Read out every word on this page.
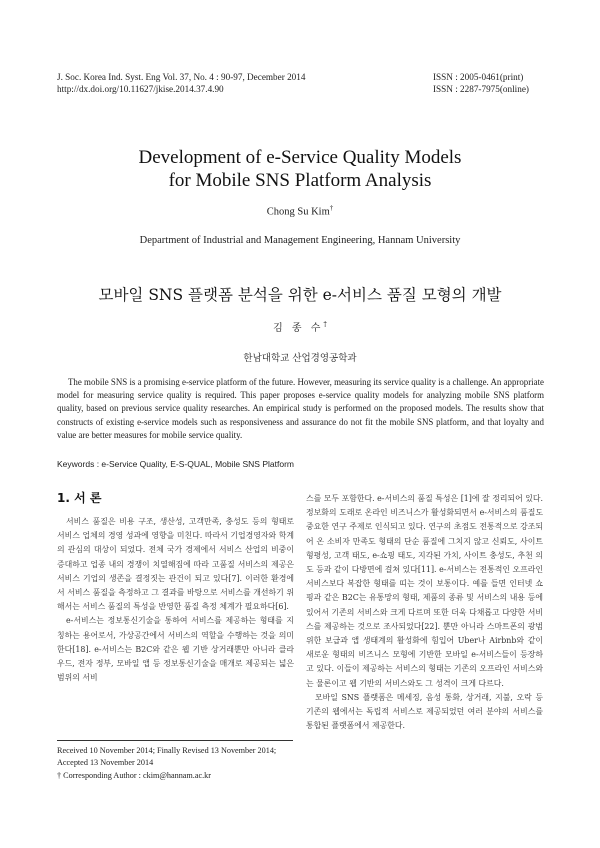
J. Soc. Korea Ind. Syst. Eng Vol. 37, No. 4 : 90-97, December 2014
http://dx.doi.org/10.11627/jkise.2014.37.4.90
ISSN : 2005-0461(print)
ISSN : 2287-7975(online)
Development of e-Service Quality Models
for Mobile SNS Platform Analysis
Chong Su Kim†
Department of Industrial and Management Engineering, Hannam University
모바일 SNS 플랫폼 분석을 위한 e-서비스 품질 모형의 개발
김 종 수†
한남대학교 산업경영공학과

The mobile SNS is a promising e-service platform of the future. However, measuring its service quality is a challenge. An appropriate model for measuring service quality is required. This paper proposes e-service quality models for analyzing mobile SNS platform quality, based on previous service quality researches. An empirical study is performed on the proposed models. The results show that constructs of existing e-service models such as responsiveness and assurance do not fit the mobile SNS platform, and that loyalty and value are better measures for mobile service quality.

Keywords : e-Service Quality, E-S-QUAL, Mobile SNS Platform
1. 서 론

서비스 품질은 비용 구조, 생산성, 고객만족, 충성도 등의 형태로 서비스 업체의 경영 성과에 영향을 미친다. 따라서 기업경영자와 학계의 관심의 대상이 되었다. 전체 국가 경제에서 서비스 산업의 비중이 증대하고 업종 내의 경쟁이 치열해짐에 따라 고품질 서비스의 제공은 서비스 기업의 생존을 결정짓는 관건이 되고 있다[7]. 이러한 환경에서 서비스 품질을 측정하고 그 결과를 바탕으로 서비스를 개선하기 위해서는 서비스 품질의 특성을 반영한 품질 측정 체계가 필요하다[6].

e-서비스는 정보통신기술을 통하여 서비스를 제공하는 형태를 지칭하는 용어로서, 가상공간에서 서비스의 역할을 수행하는 것을 의미한다[18]. e-서비스는 B2C와 같은 웹 기반 상거래뿐만 아니라 클라우드, 전자 정부, 모바일 앱 등 정보통신기술을 매개로 제공되는 넓은 범위의 서비

스를 모두 포함한다. e-서비스의 품질 특성은 [1]에 잘 정리되어 있다. 정보화의 도래로 온라인 비즈니스가 활성화되면서 e-서비스의 품질도 중요한 연구 주제로 인식되고 있다. 연구의 초점도 전통적으로 강조되어 온 소비자 만족도 형태의 단순 품질에 그치지 않고 신뢰도, 사이트 형평성, 고객 태도, e-쇼핑 태도, 지각된 가치, 사이트 충성도, 추천 의도 등과 같이 다방면에 걸쳐 있다[11]. e-서비스는 전통적인 오프라인 서비스보다 복잡한 형태를 띠는 것이 보통이다. 예를 들면 인터넷 쇼핑과 같은 B2C는 유통망의 형태, 제품의 종류 및 서비스의 내용 등에 있어서 기존의 서비스와 크게 다르며 또한 더욱 다채롭고 다양한 서비스를 제공하는 것으로 조사되었다[22]. 뿐만 아니라 스마트폰의 광범위한 보급과 앱 생태계의 활성화에 힘입어 Uber나 Airbnb와 같이 새로운 형태의 비즈니스 모형에 기반한 모바일 e-서비스들이 등장하고 있다. 이들이 제공하는 서비스의 형태는 기존의 오프라인 서비스와는 물론이고 웹 기반의 서비스와도 그 성격이 크게 다르다.

모바일 SNS 플랫폼은 메세징, 음성 통화, 상거래, 지불, 오락 등 기존의 웹에서는 독립적 서비스로 제공되었던 여러 분야의 서비스를 통합된 플랫폼에서 제공한다.

Received 10 November 2014; Finally Revised 13 November 2014;
Accepted 13 November 2014
† Corresponding Author : ckim@hannam.ac.kr
